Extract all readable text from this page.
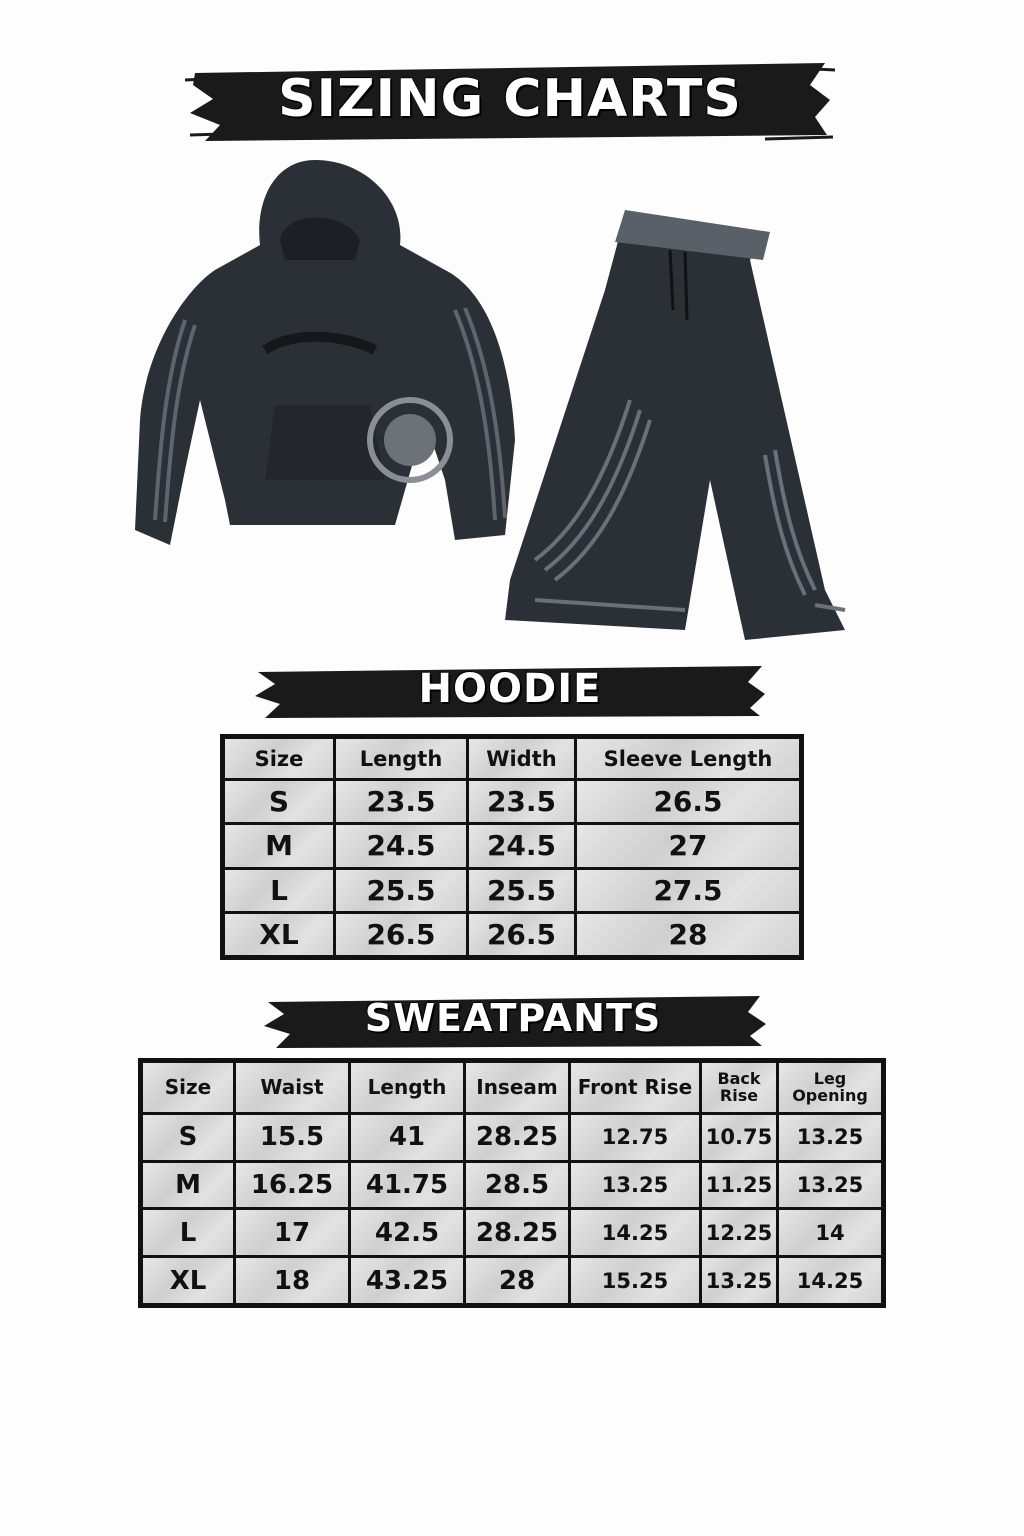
SIZING CHARTS
HOODIE
Size	Length	Width	Sleeve Length
S	23.5	23.5	26.5
M	24.5	24.5	27
L	25.5	25.5	27.5
XL	26.5	26.5	28
SWEATPANTS
Size	Waist	Length	Inseam	Front Rise	Back Rise	Leg Opening
S	15.5	41	28.25	12.75	10.75	13.25
M	16.25	41.75	28.5	13.25	11.25	13.25
L	17	42.5	28.25	14.25	12.25	14
XL	18	43.25	28	15.25	13.25	14.25
